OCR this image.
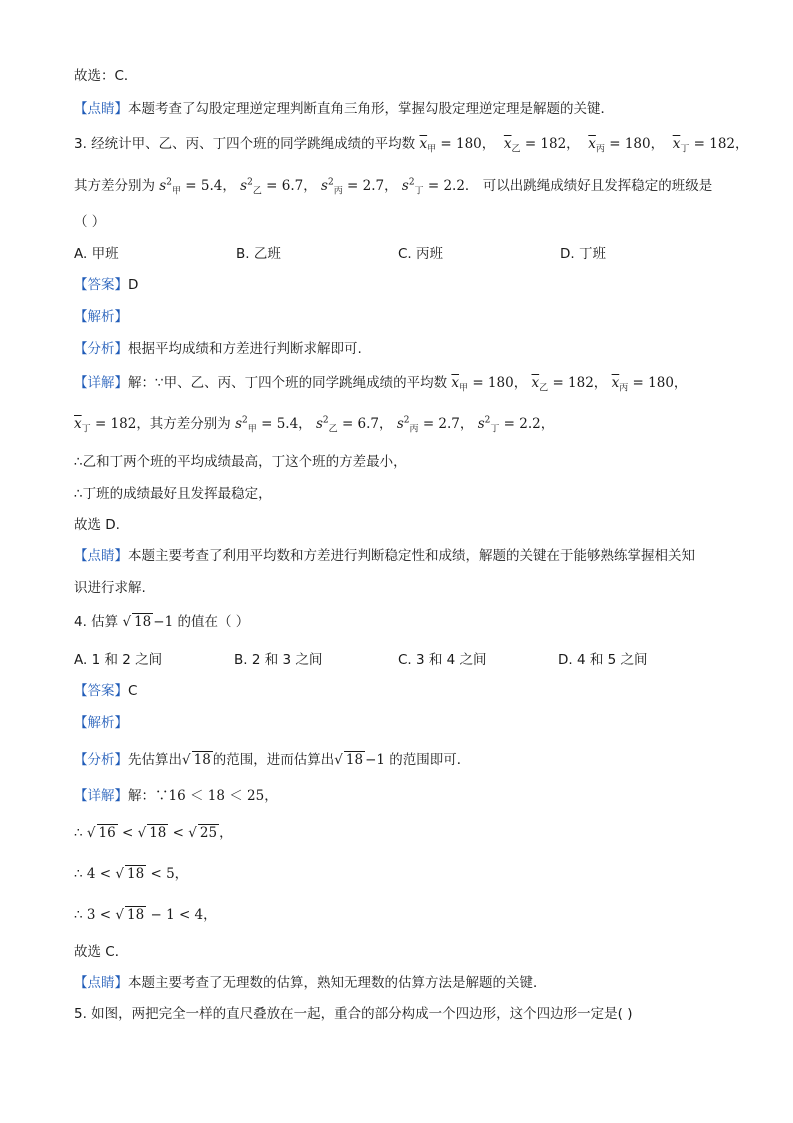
故选：C．
【点睛】本题考查了勾股定理逆定理判断直角三角形，掌握勾股定理逆定理是解题的关键．
3. 经统计甲、乙、丙、丁四个班的同学跳绳成绩的平均数 $\overline{x}_甲 = 180$， $\overline{x}_乙 = 182$， $\overline{x}_丙 = 180$， $\overline{x}_丁 = 182$，
其方差分别为 $s^2_甲 = 5.4$， $s^2_乙 = 6.7$， $s^2_丙 = 2.7$， $s^2_丁 = 2.2$． 可以出跳绳成绩好且发挥稳定的班级是
（ ）
A. 甲班	B. 乙班	C. 丙班	D. 丁班
【答案】D
【解析】
【分析】根据平均成绩和方差进行判断求解即可.
【详解】解：∵甲、乙、丙、丁四个班的同学跳绳成绩的平均数 $\overline{x}_甲 = 180$， $\overline{x}_乙 = 182$， $\overline{x}_丙 = 180$，
$\overline{x}_丁 = 182$，其方差分别为 $s^2_甲 = 5.4$， $s^2_乙 = 6.7$， $s^2_丙 = 2.7$， $s^2_丁 = 2.2$，
∴乙和丁两个班的平均成绩最高，丁这个班的方差最小，
∴丁班的成绩最好且发挥最稳定，
故选 D.
【点睛】本题主要考查了利用平均数和方差进行判断稳定性和成绩，解题的关键在于能够熟练掌握相关知
识进行求解.
4. 估算 √ 18 −1 的值在（ ）
A. 1 和 2 之间	B. 2 和 3 之间	C. 3 和 4 之间	D. 4 和 5 之间
【答案】C
【解析】
【分析】先估算出√ 18 的范围，进而估算出√ 18 −1 的范围即可．
【详解】解：∵16 ＜ 18 ＜ 25，
∴ √ 16 < √ 18 < √ 25 ，
∴ 4 < √ 18 < 5，
∴ 3 < √ 18 − 1 < 4，
故选 C．
【点睛】本题主要考查了无理数的估算，熟知无理数的估算方法是解题的关键．
5. 如图，两把完全一样的直尺叠放在一起，重合的部分构成一个四边形，这个四边形一定是( )
